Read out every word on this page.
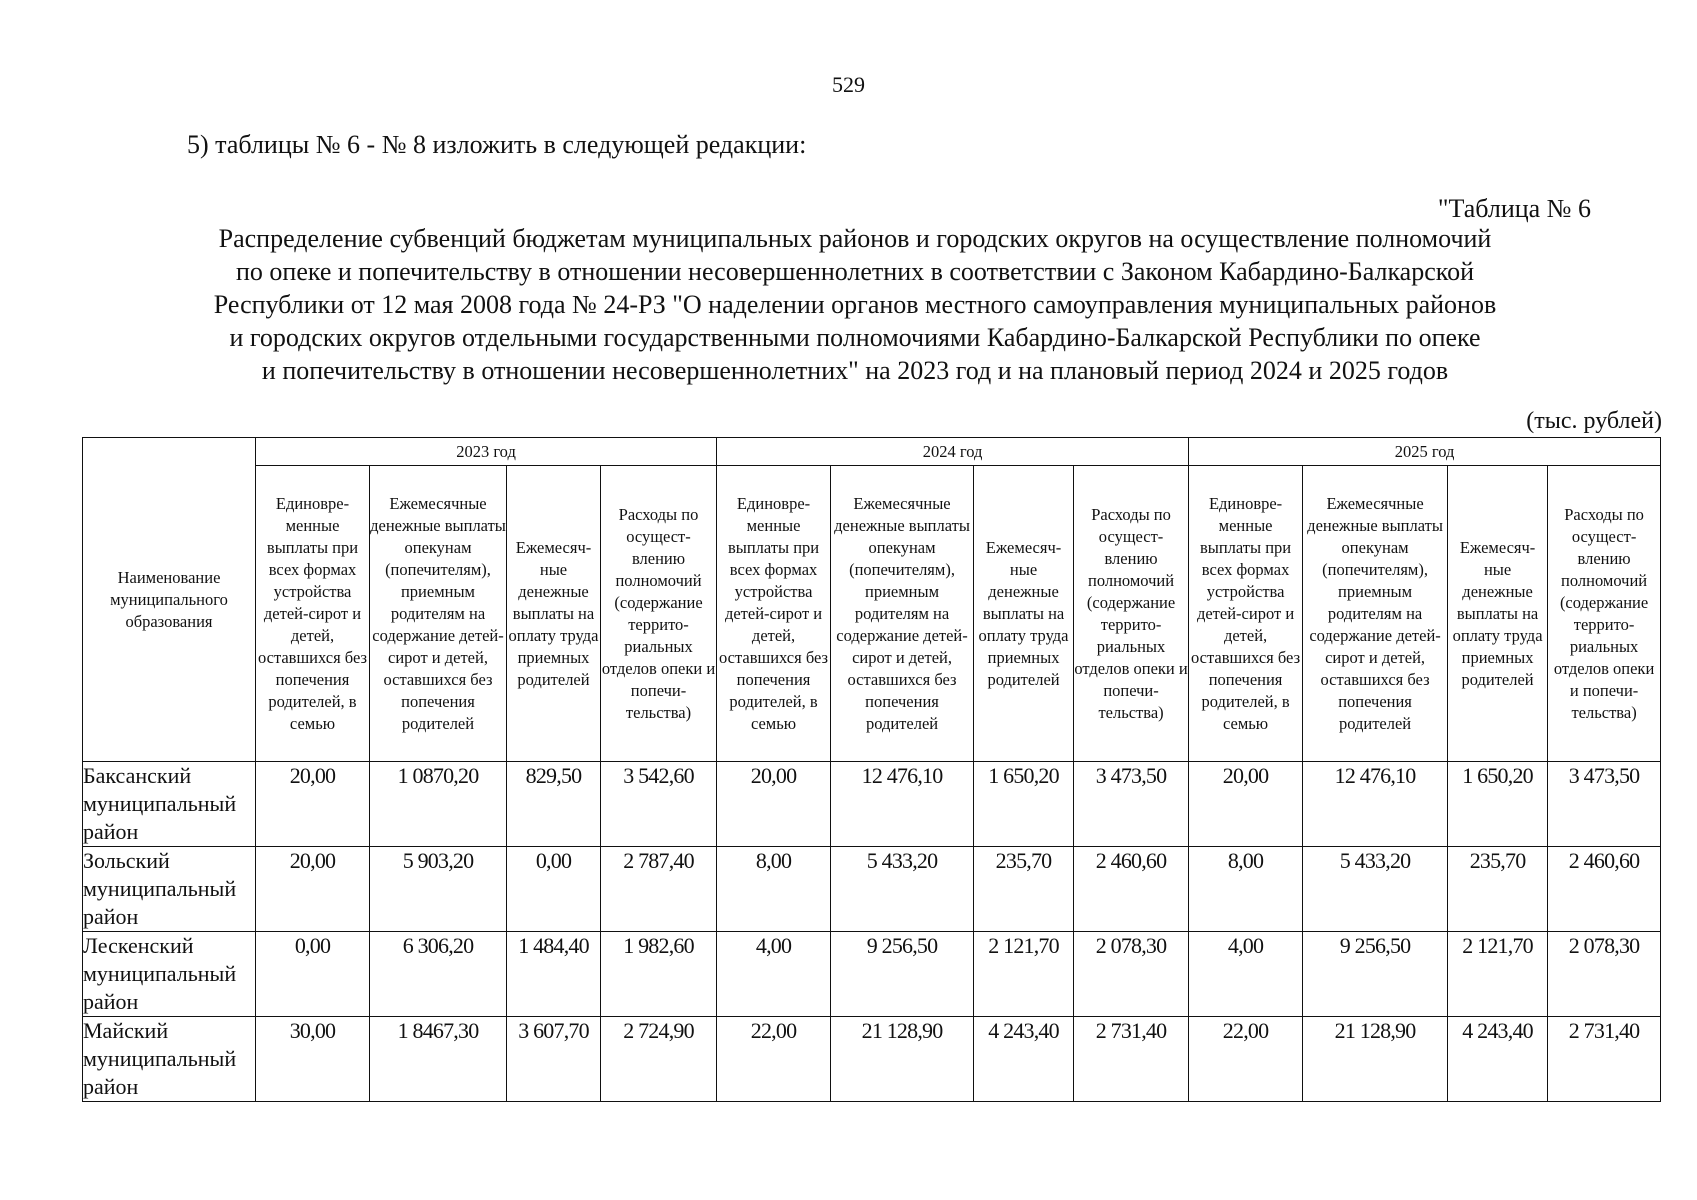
529
5) таблицы № 6 - № 8 изложить в следующей редакции:
"Таблица № 6
Распределение субвенций бюджетам муниципальных районов и городских округов на осуществление полномочий
по опеке и попечительству в отношении несовершеннолетних в соответствии с Законом Кабардино-Балкарской
Республики от 12 мая 2008 года № 24-РЗ "О наделении органов местного самоуправления муниципальных районов
и городских округов отдельными государственными полномочиями Кабардино-Балкарской Республики по опеке
и попечительству в отношении несовершеннолетних" на 2023 год и на плановый период 2024 и 2025 годов
(тыс. рублей)
Наименование муниципального образования	2023 год				2024 год				2025 год			
	Единовре-менные выплаты при всех формах устройства детей-сирот и детей, оставшихся без попечения родителей, в семью	Ежемесячные денежные выплаты опекунам (попечителям), приемным родителям на содержание детей-сирот и детей, оставшихся без попечения родителей	Ежемесяч-ные денежные выплаты на оплату труда приемных родителей	Расходы по осущест-влению полномочий (содержание террито-риальных отделов опеки и попечи-тельства)	Единовре-менные выплаты при всех формах устройства детей-сирот и детей, оставшихся без попечения родителей, в семью	Ежемесячные денежные выплаты опекунам (попечителям), приемным родителям на содержание детей-сирот и детей, оставшихся без попечения родителей	Ежемесяч-ные денежные выплаты на оплату труда приемных родителей	Расходы по осущест-влению полномочий (содержание террито-риальных отделов опеки и попечи-тельства)	Единовре-менные выплаты при всех формах устройства детей-сирот и детей, оставшихся без попечения родителей, в семью	Ежемесячные денежные выплаты опекунам (попечителям), приемным родителям на содержание детей-сирот и детей, оставшихся без попечения родителей	Ежемесяч-ные денежные выплаты на оплату труда приемных родителей	Расходы по осущест-влению полномочий (содержание террито-риальных отделов опеки и попечи-тельства)
Баксанский муниципальный район	20,00	1 0870,20	829,50	3 542,60	20,00	12 476,10	1 650,20	3 473,50	20,00	12 476,10	1 650,20	3 473,50
Зольский муниципальный район	20,00	5 903,20	0,00	2 787,40	8,00	5 433,20	235,70	2 460,60	8,00	5 433,20	235,70	2 460,60
Лескенский муниципальный район	0,00	6 306,20	1 484,40	1 982,60	4,00	9 256,50	2 121,70	2 078,30	4,00	9 256,50	2 121,70	2 078,30
Майский муниципальный район	30,00	1 8467,30	3 607,70	2 724,90	22,00	21 128,90	4 243,40	2 731,40	22,00	21 128,90	4 243,40	2 731,40
